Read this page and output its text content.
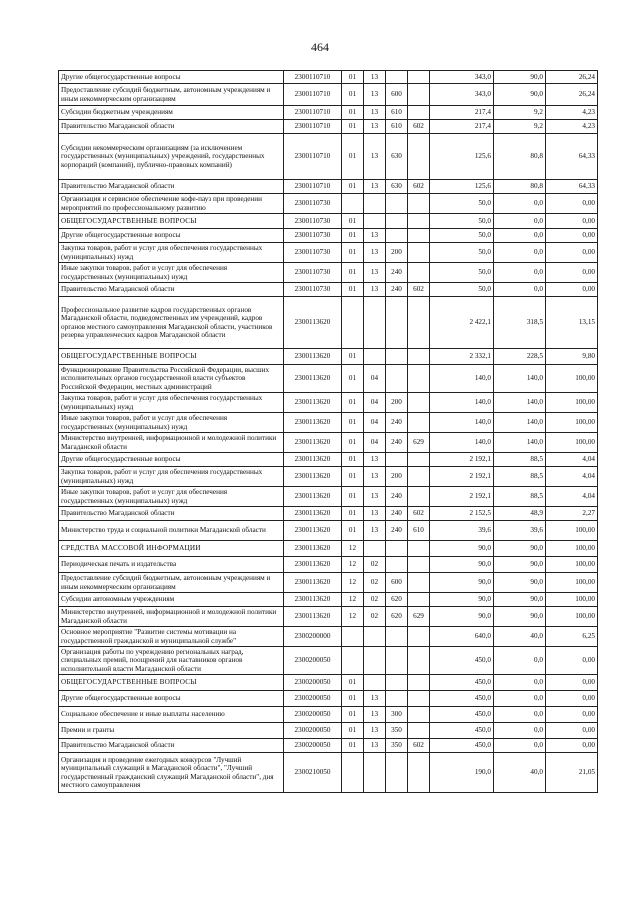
464
Другие общегосударственные вопросы	2300110710	01	13			343,0	90,0	26,24
Предоставление субсидий бюджетным, автономным учреждениям и иным некоммерческим организациям	2300110710	01	13	600		343,0	90,0	26,24
Субсидии бюджетным учреждениям	2300110710	01	13	610		217,4	9,2	4,23
Правительство Магаданской области	2300110710	01	13	610	602	217,4	9,2	4,23
Субсидии некоммерческим организациям (за исключением государственных (муниципальных) учреждений, государственных корпораций (компаний), публично-правовых компаний)	2300110710	01	13	630		125,6	80,8	64,33
Правительство Магаданской области	2300110710	01	13	630	602	125,6	80,8	64,33
Организация и сервисное обеспечение кофе-пауз при проведении мероприятий по профессиональному развитию	2300110730					50,0	0,0	0,00
ОБЩЕГОСУДАРСТВЕННЫЕ ВОПРОСЫ	2300110730	01				50,0	0,0	0,00
Другие общегосударственные вопросы	2300110730	01	13			50,0	0,0	0,00
Закупка товаров, работ и услуг для обеспечения государственных (муниципальных) нужд	2300110730	01	13	200		50,0	0,0	0,00
Иные закупки товаров, работ и услуг для обеспечения государственных (муниципальных) нужд	2300110730	01	13	240		50,0	0,0	0,00
Правительство Магаданской области	2300110730	01	13	240	602	50,0	0,0	0,00
Профессиональное развитие кадров государственных органов Магаданской области, подведомственных им учреждений, кадров органов местного самоуправления Магаданской области, участников резерва управленческих кадров Магаданской области	2300113620					2 422,1	318,5	13,15
ОБЩЕГОСУДАРСТВЕННЫЕ ВОПРОСЫ	2300113620	01				2 332,1	228,5	9,80
Функционирование Правительства Российской Федерации, высших исполнительных органов государственной власти субъектов Российской Федерации, местных администраций	2300113620	01	04			140,0	140,0	100,00
Закупка товаров, работ и услуг для обеспечения государственных (муниципальных) нужд	2300113620	01	04	200		140,0	140,0	100,00
Иные закупки товаров, работ и услуг для обеспечения государственных (муниципальных) нужд	2300113620	01	04	240		140,0	140,0	100,00
Министерство внутренней, информационной и молодежной политики Магаданской области	2300113620	01	04	240	629	140,0	140,0	100,00
Другие общегосударственные вопросы	2300113620	01	13			2 192,1	88,5	4,04
Закупка товаров, работ и услуг для обеспечения государственных (муниципальных) нужд	2300113620	01	13	200		2 192,1	88,5	4,04
Иные закупки товаров, работ и услуг для обеспечения государственных (муниципальных) нужд	2300113620	01	13	240		2 192,1	88,5	4,04
Правительство Магаданской области	2300113620	01	13	240	602	2 152,5	48,9	2,27
Министерство труда и социальной политики Магаданской области	2300113620	01	13	240	610	39,6	39,6	100,00
СРЕДСТВА МАССОВОЙ ИНФОРМАЦИИ	2300113620	12				90,0	90,0	100,00
Периодическая печать и издательства	2300113620	12	02			90,0	90,0	100,00
Предоставление субсидий бюджетным, автономным учреждениям и иным некоммерческим организациям	2300113620	12	02	600		90,0	90,0	100,00
Субсидии автономным учреждениям	2300113620	12	02	620		90,0	90,0	100,00
Министерство внутренней, информационной и молодежной политики Магаданской области	2300113620	12	02	620	629	90,0	90,0	100,00
Основное мероприятие "Развитие системы мотивации на государственной гражданской и муниципальной службе"	2300200000					640,0	40,0	6,25
Организация работы по учреждению региональных наград, специальных премий, поощрений для наставников органов исполнительной власти Магаданской области	2300200050					450,0	0,0	0,00
ОБЩЕГОСУДАРСТВЕННЫЕ ВОПРОСЫ	2300200050	01				450,0	0,0	0,00
Другие общегосударственные вопросы	2300200050	01	13			450,0	0,0	0,00
Социальное обеспечение и иные выплаты населению	2300200050	01	13	300		450,0	0,0	0,00
Премии и гранты	2300200050	01	13	350		450,0	0,0	0,00
Правительство Магаданской области	2300200050	01	13	350	602	450,0	0,0	0,00
Организация и проведение ежегодных конкурсов "Лучший муниципальный служащий в Магаданской области", "Лучший государственный гражданский служащий Магаданской области", дня местного самоуправления	2300210050					190,0	40,0	21,05
